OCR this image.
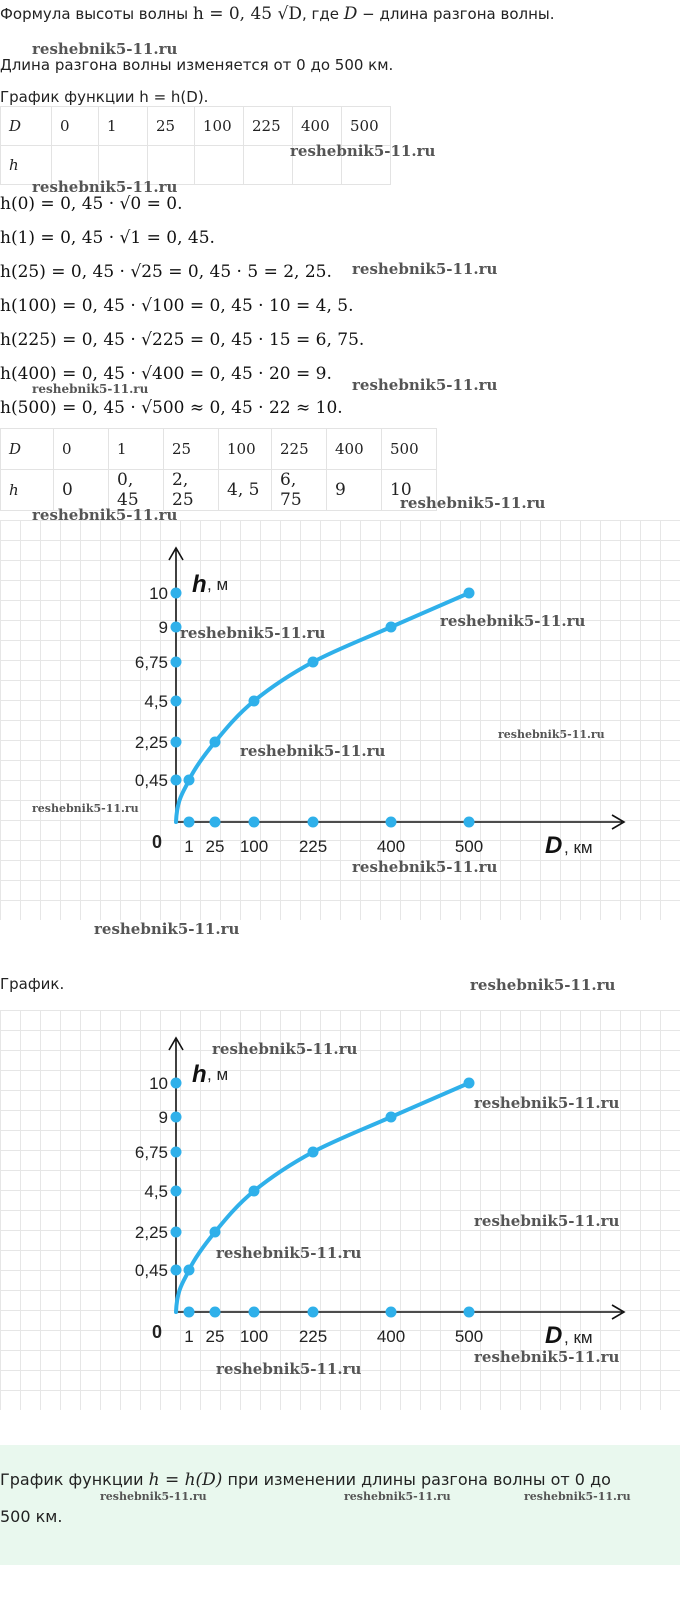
Формула высоты волны h = 0, 45 √D, где D − длина разгона волны.
Длина разгона волны изменяется от 0 до 500 км.
График функции h = h(D).
D	0	1	25	100	225	400	500
h							
h(0) = 0, 45 · √0 = 0.
h(1) = 0, 45 · √1 = 0, 45.
h(25) = 0, 45 · √25 = 0, 45 · 5 = 2, 25.
h(100) = 0, 45 · √100 = 0, 45 · 10 = 4, 5.
h(225) = 0, 45 · √225 = 0, 45 · 15 = 6, 75.
h(400) = 0, 45 · √400 = 0, 45 · 20 = 9.
h(500) = 0, 45 · √500 ≈ 0, 45 · 22 ≈ 10.
D	0	1	25	100	225	400	500
h	0	0, 45	2, 25	4, 5	6, 75	9	10
1 25 100 225	400	500
0,45
2,25
4,5
6,75
9
10
0
h , м
D , км
График.
1 25 100 225	400	500
0,45
2,25
4,5
6,75
9
10
0
h , м
D , км
График функции h = h(D) при изменении длины разгона волны от 0 до
500 км.
reshebnik5-11.ru
reshebnik5-11.ru
reshebnik5-11.ru
reshebnik5-11.ru
reshebnik5-11.ru	reshebnik5-11.ru
reshebnik5-11.ru
reshebnik5-11.ru
reshebnik5-11.ru
reshebnik5-11.ru
reshebnik5-11.ru
reshebnik5-11.ru
reshebnik5-11.ru
reshebnik5-11.ru
reshebnik5-11.ru
reshebnik5-11.ru
reshebnik5-11.ru
reshebnik5-11.ru
reshebnik5-11.ru
reshebnik5-11.ru
reshebnik5-11.ru
reshebnik5-11.ru
reshebnik5-11.ru	reshebnik5-11.ru	reshebnik5-11.ru
